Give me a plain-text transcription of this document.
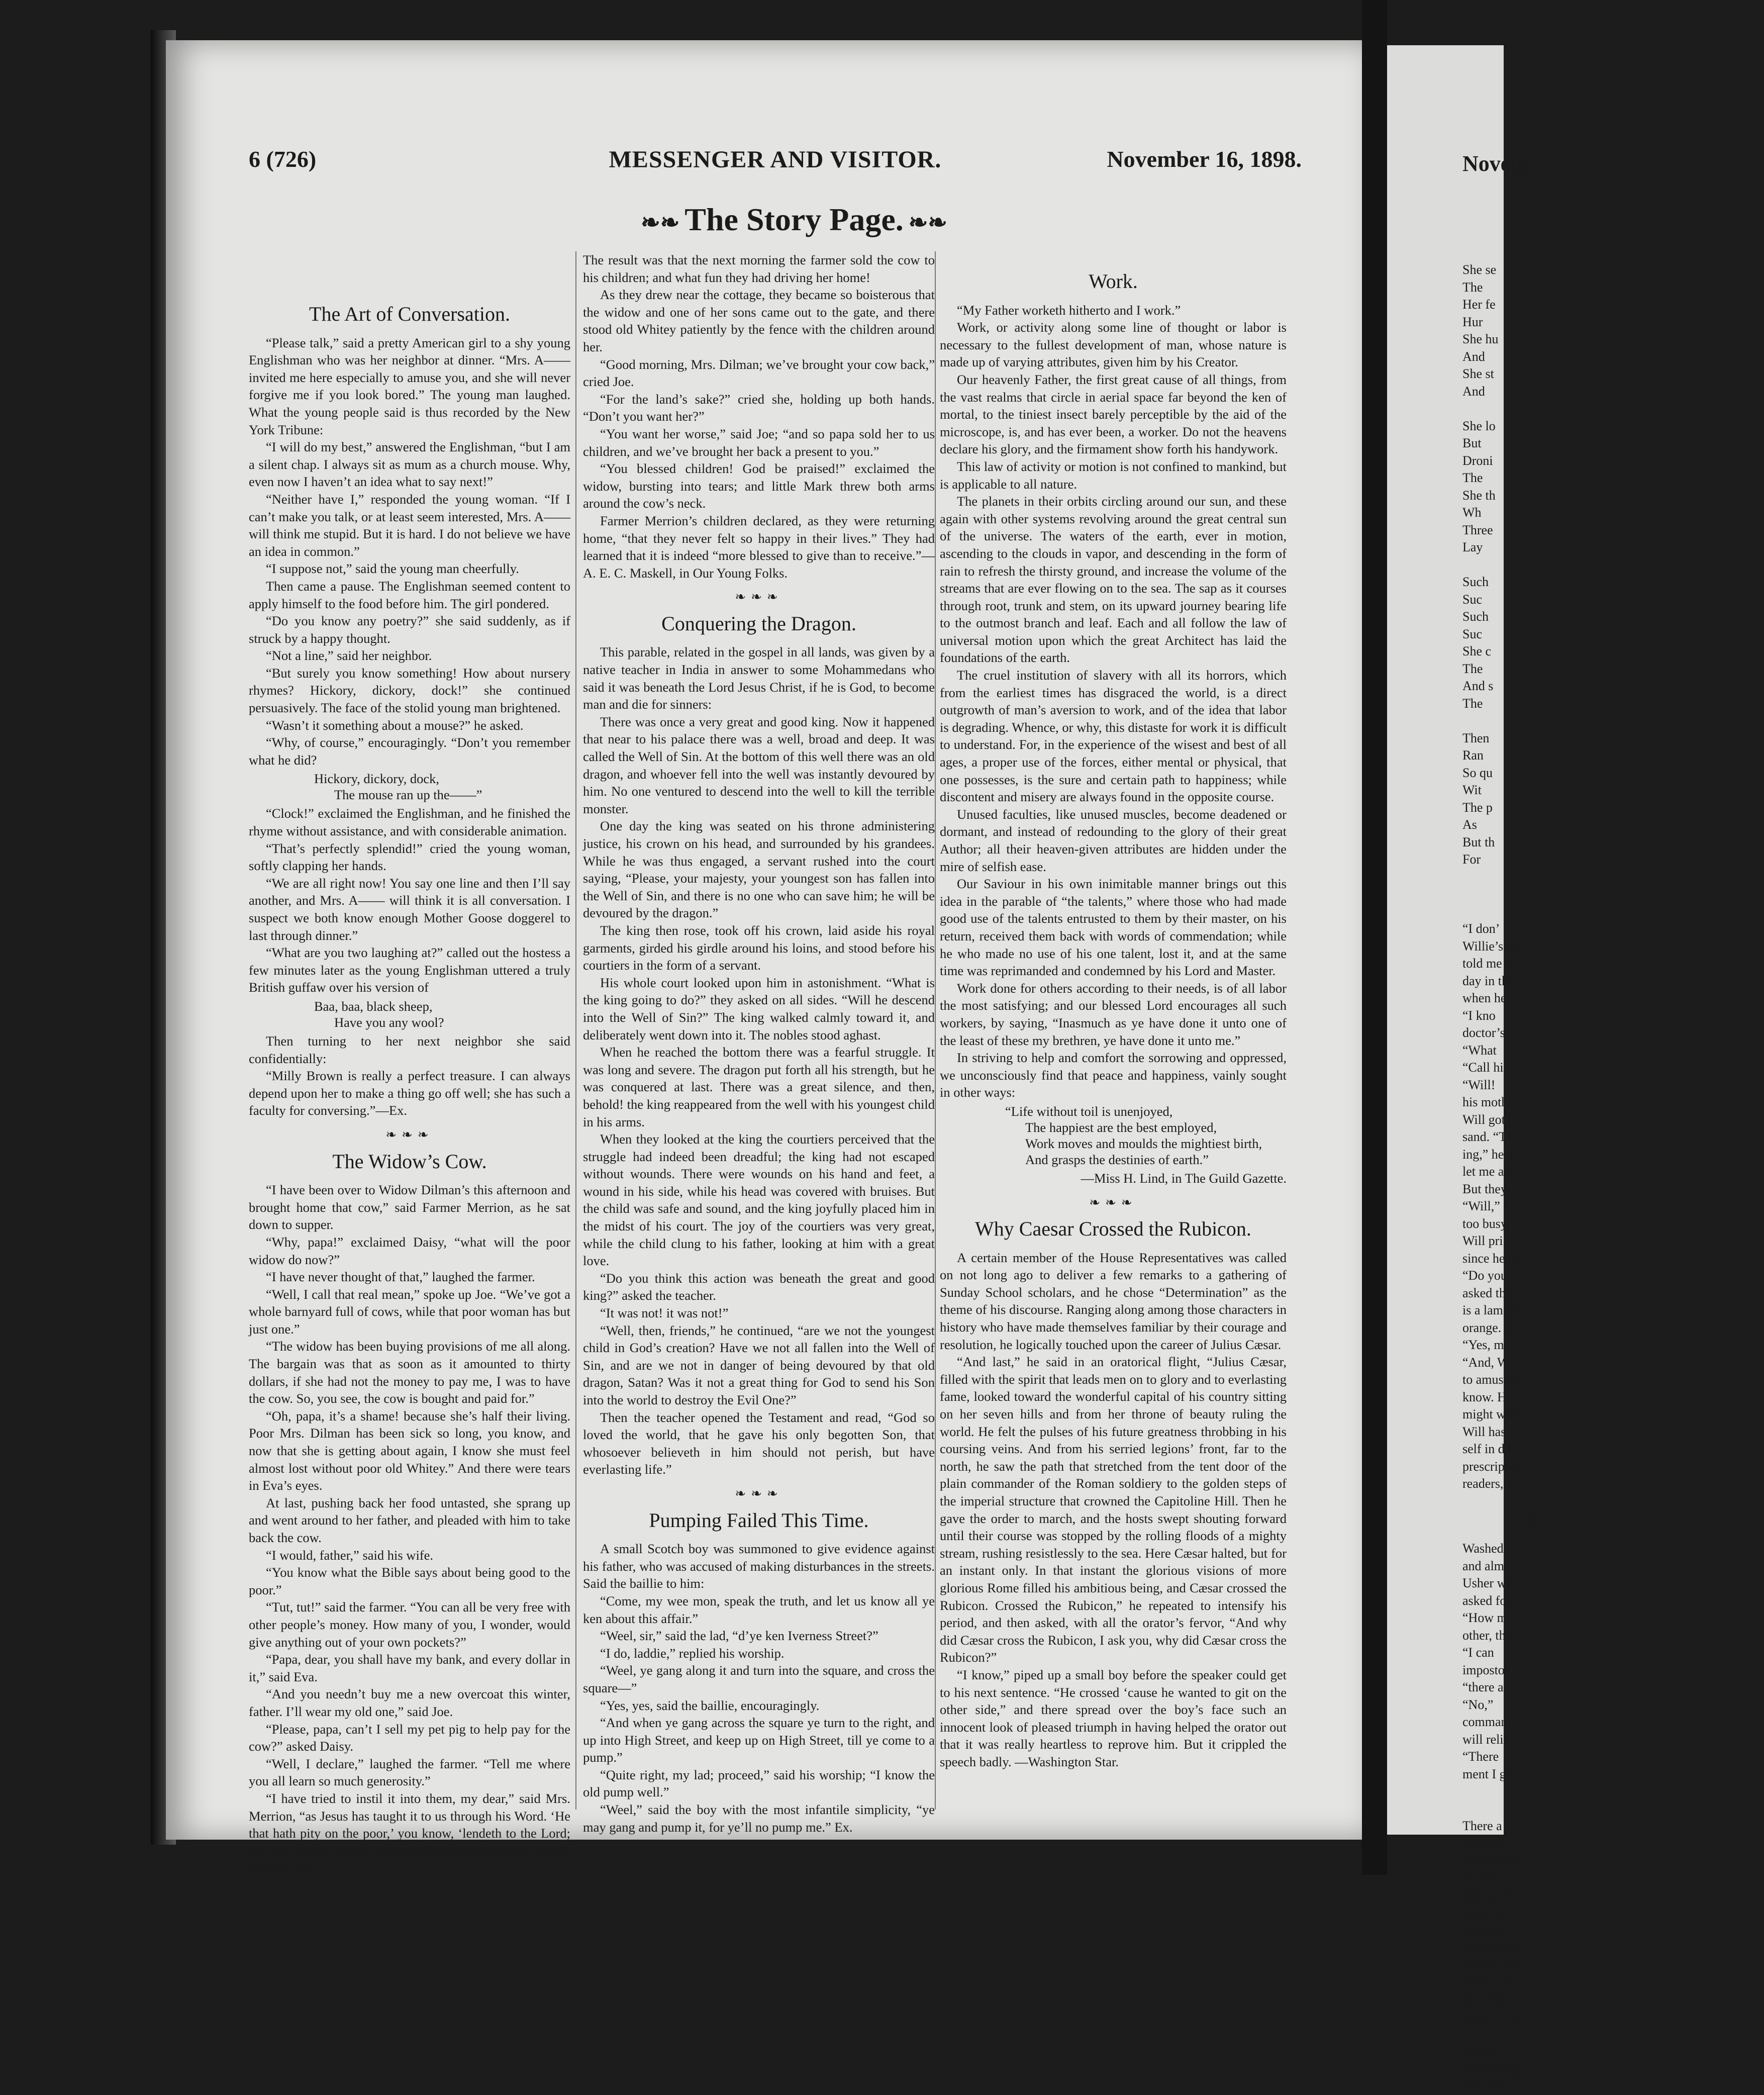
6 (726)	MESSENGER AND VISITOR.	November 16, 1898.
❧❧ The Story Page. ❧❧
The Art of Conversation.

“Please talk,” said a pretty American girl to a shy young Englishman who was her neighbor at dinner. “Mrs. A—— invited me here especially to amuse you, and she will never forgive me if you look bored.” The young man laughed. What the young people said is thus recorded by the New York Tribune:

“I will do my best,” answered the Englishman, “but I am a silent chap. I always sit as mum as a church mouse. Why, even now I haven’t an idea what to say next!”

“Neither have I,” responded the young woman. “If I can’t make you talk, or at least seem interested, Mrs. A—— will think me stupid. But it is hard. I do not believe we have an idea in common.”

“I suppose not,” said the young man cheerfully.

Then came a pause. The Englishman seemed content to apply himself to the food before him. The girl pondered.

“Do you know any poetry?” she said suddenly, as if struck by a happy thought.

“Not a line,” said her neighbor.

“But surely you know something! How about nursery rhymes? Hickory, dickory, dock!” she continued persuasively. The face of the stolid young man brightened.

“Wasn’t it something about a mouse?” he asked.

“Why, of course,” encouragingly. “Don’t you remember what he did?

Hickory, dickory, dock,
The mouse ran up the——”

“Clock!” exclaimed the Englishman, and he finished the rhyme without assistance, and with considerable animation.

“That’s perfectly splendid!” cried the young woman, softly clapping her hands.

“We are all right now! You say one line and then I’ll say another, and Mrs. A—— will think it is all conversation. I suspect we both know enough Mother Goose doggerel to last through dinner.”

“What are you two laughing at?” called out the hostess a few minutes later as the young Englishman uttered a truly British guffaw over his version of

Baa, baa, black sheep,
Have you any wool?

Then turning to her next neighbor she said confidentially:

“Milly Brown is really a perfect treasure. I can always depend upon her to make a thing go off well; she has such a faculty for conversing.”—Ex.

❧❧❧
The Widow’s Cow.

“I have been over to Widow Dilman’s this afternoon and brought home that cow,” said Farmer Merrion, as he sat down to supper.

“Why, papa!” exclaimed Daisy, “what will the poor widow do now?”

“I have never thought of that,” laughed the farmer.

“Well, I call that real mean,” spoke up Joe. “We’ve got a whole barnyard full of cows, while that poor woman has but just one.”

“The widow has been buying provisions of me all along. The bargain was that as soon as it amounted to thirty dollars, if she had not the money to pay me, I was to have the cow. So, you see, the cow is bought and paid for.”

“Oh, papa, it’s a shame! because she’s half their living. Poor Mrs. Dilman has been sick so long, you know, and now that she is getting about again, I know she must feel almost lost without poor old Whitey.” And there were tears in Eva’s eyes.

At last, pushing back her food untasted, she sprang up and went around to her father, and pleaded with him to take back the cow.

“I would, father,” said his wife.

“You know what the Bible says about being good to the poor.”

“Tut, tut!” said the farmer. “You can all be very free with other people’s money. How many of you, I wonder, would give anything out of your own pockets?”

“Papa, dear, you shall have my bank, and every dollar in it,” said Eva.

“And you needn’t buy me a new overcoat this winter, father. I’ll wear my old one,” said Joe.

“Please, papa, can’t I sell my pet pig to help pay for the cow?” asked Daisy.

“Well, I declare,” laughed the farmer. “Tell me where you all learn so much generosity.”

“I have tried to instil it into them, my dear,” said Mrs. Merrion, “as Jesus has taught it to us through his Word. ‘He that hath pity on the poor,’ you know, ‘lendeth to the Lord; and that which he hath given will he pay him again.’ God’s Word is sure.”

The result was that the next morning the farmer sold the cow to his children; and what fun they had driving her home!

As they drew near the cottage, they became so boisterous that the widow and one of her sons came out to the gate, and there stood old Whitey patiently by the fence with the children around her.

“Good morning, Mrs. Dilman; we’ve brought your cow back,” cried Joe.

“For the land’s sake?” cried she, holding up both hands. “Don’t you want her?”

“You want her worse,” said Joe; “and so papa sold her to us children, and we’ve brought her back a present to you.”

“You blessed children! God be praised!” exclaimed the widow, bursting into tears; and little Mark threw both arms around the cow’s neck.

Farmer Merrion’s children declared, as they were returning home, “that they never felt so happy in their lives.” They had learned that it is indeed “more blessed to give than to receive.”—A. E. C. Maskell, in Our Young Folks.

❧❧❧
Conquering the Dragon.

This parable, related in the gospel in all lands, was given by a native teacher in India in answer to some Mohammedans who said it was beneath the Lord Jesus Christ, if he is God, to become man and die for sinners:

There was once a very great and good king. Now it happened that near to his palace there was a well, broad and deep. It was called the Well of Sin. At the bottom of this well there was an old dragon, and whoever fell into the well was instantly devoured by him. No one ventured to descend into the well to kill the terrible monster.

One day the king was seated on his throne administering justice, his crown on his head, and surrounded by his grandees. While he was thus engaged, a servant rushed into the court saying, “Please, your majesty, your youngest son has fallen into the Well of Sin, and there is no one who can save him; he will be devoured by the dragon.”

The king then rose, took off his crown, laid aside his royal garments, girded his girdle around his loins, and stood before his courtiers in the form of a servant.

His whole court looked upon him in astonishment. “What is the king going to do?” they asked on all sides. “Will he descend into the Well of Sin?” The king walked calmly toward it, and deliberately went down into it. The nobles stood aghast.

When he reached the bottom there was a fearful struggle. It was long and severe. The dragon put forth all his strength, but he was conquered at last. There was a great silence, and then, behold! the king reappeared from the well with his youngest child in his arms.

When they looked at the king the courtiers perceived that the struggle had indeed been dreadful; the king had not escaped without wounds. There were wounds on his hand and feet, a wound in his side, while his head was covered with bruises. But the child was safe and sound, and the king joyfully placed him in the midst of his court. The joy of the courtiers was very great, while the child clung to his father, looking at him with a great love.

“Do you think this action was beneath the great and good king?” asked the teacher.

“It was not! it was not!”

“Well, then, friends,” he continued, “are we not the youngest child in God’s creation? Have we not all fallen into the Well of Sin, and are we not in danger of being devoured by that old dragon, Satan? Was it not a great thing for God to send his Son into the world to destroy the Evil One?”

Then the teacher opened the Testament and read, “God so loved the world, that he gave his only begotten Son, that whosoever believeth in him should not perish, but have everlasting life.”

❧❧❧
Pumping Failed This Time.

A small Scotch boy was summoned to give evidence against his father, who was accused of making disturbances in the streets. Said the baillie to him:

“Come, my wee mon, speak the truth, and let us know all ye ken about this affair.”

“Weel, sir,” said the lad, “d’ye ken Iverness Street?”

“I do, laddie,” replied his worship.

“Weel, ye gang along it and turn into the square, and cross the square—”

“Yes, yes, said the baillie, encouragingly.

“And when ye gang across the square ye turn to the right, and up into High Street, and keep up on High Street, till ye come to a pump.”

“Quite right, my lad; proceed,” said his worship; “I know the old pump well.”

“Weel,” said the boy with the most infantile simplicity, “ye may gang and pump it, for ye’ll no pump me.” Ex.

Work.

“My Father worketh hitherto and I work.”

Work, or activity along some line of thought or labor is necessary to the fullest development of man, whose nature is made up of varying attributes, given him by his Creator.

Our heavenly Father, the first great cause of all things, from the vast realms that circle in aerial space far beyond the ken of mortal, to the tiniest insect barely perceptible by the aid of the microscope, is, and has ever been, a worker. Do not the heavens declare his glory, and the firmament show forth his handywork.

This law of activity or motion is not confined to mankind, but is applicable to all nature.

The planets in their orbits circling around our sun, and these again with other systems revolving around the great central sun of the universe. The waters of the earth, ever in motion, ascending to the clouds in vapor, and descending in the form of rain to refresh the thirsty ground, and increase the volume of the streams that are ever flowing on to the sea. The sap as it courses through root, trunk and stem, on its upward journey bearing life to the outmost branch and leaf. Each and all follow the law of universal motion upon which the great Architect has laid the foundations of the earth.

The cruel institution of slavery with all its horrors, which from the earliest times has disgraced the world, is a direct outgrowth of man’s aversion to work, and of the idea that labor is degrading. Whence, or why, this distaste for work it is difficult to understand. For, in the experience of the wisest and best of all ages, a proper use of the forces, either mental or physical, that one possesses, is the sure and certain path to happiness; while discontent and misery are always found in the opposite course.

Unused faculties, like unused muscles, become deadened or dormant, and instead of redounding to the glory of their great Author; all their heaven-given attributes are hidden under the mire of selfish ease.

Our Saviour in his own inimitable manner brings out this idea in the parable of “the talents,” where those who had made good use of the talents entrusted to them by their master, on his return, received them back with words of commendation; while he who made no use of his one talent, lost it, and at the same time was reprimanded and condemned by his Lord and Master.

Work done for others according to their needs, is of all labor the most satisfying; and our blessed Lord encourages all such workers, by saying, “Inasmuch as ye have done it unto one of the least of these my brethren, ye have done it unto me.”

In striving to help and comfort the sorrowing and oppressed, we unconsciously find that peace and happiness, vainly sought in other ways:

“Life without toil is unenjoyed,
The happiest are the best employed,
Work moves and moulds the mightiest birth,
And grasps the destinies of earth.”

—Miss H. Lind, in The Guild Gazette.

❧❧❧
Why Caesar Crossed the Rubicon.

A certain member of the House Representatives was called on not long ago to deliver a few remarks to a gathering of Sunday School scholars, and he chose “Determination” as the theme of his discourse. Ranging along among those characters in history who have made themselves familiar by their courage and resolution, he logically touched upon the career of Julius Cæsar.

“And last,” he said in an oratorical flight, “Julius Cæsar, filled with the spirit that leads men on to glory and to everlasting fame, looked toward the wonderful capital of his country sitting on her seven hills and from her throne of beauty ruling the world. He felt the pulses of his future greatness throbbing in his coursing veins. And from his serried legions’ front, far to the north, he saw the path that stretched from the tent door of the plain commander of the Roman soldiery to the golden steps of the imperial structure that crowned the Capitoline Hill. Then he gave the order to march, and the hosts swept shouting forward until their course was stopped by the rolling floods of a mighty stream, rushing resistlessly to the sea. Here Cæsar halted, but for an instant only. In that instant the glorious visions of more glorious Rome filled his ambitious being, and Cæsar crossed the Rubicon. Crossed the Rubicon,” he repeated to intensify his period, and then asked, with all the orator’s fervor, “And why did Cæsar cross the Rubicon, I ask you, why did Cæsar cross the Rubicon?”

“I know,” piped up a small boy before the speaker could get to his next sentence. “He crossed ‘cause he wanted to git on the other side,” and there spread over the boy’s face such an innocent look of pleased triumph in having helped the orator out that it was really heartless to reprove him. But it crippled the speech badly. —Washington Star.

Novem
She se
The
Her fe
Hur
She hu
And
She st
And
She lo
But
Droni
The
She th
Wh
Three
Lay
Such
Suc
Such
Suc
She c
The
And s
The
Then
Ran
So qu
Wit
The p
As
But th
For
“I don’
Willie’s m
told me to
day in the
when he d
“I kno
doctor’s,”
“What
“Call hi
“Will!
his mother
Will got
sand. “T
ing,” he g
let me alo
But they
“Will,” s
too busy, I
Will pri
since he ha
“Do you
asked the
is a lame b
orange. W
“Yes, m
“And, W
to amuse c
know. H
might with
Will has
self in doi
prescriptic
readers, I
T
Washed
and almo
Usher wa
asked for
“How m
other, thi
“I can
impostor
“there a
“No,”
commandi
will relie
“There
ment I gi
There a
it with a c
expression
be alert, e
step, as if
done in ci
the latter
and assure
efforts wer
as true of
the clerk v
wins.—Ex.
Do not
same thing
ever rose to
